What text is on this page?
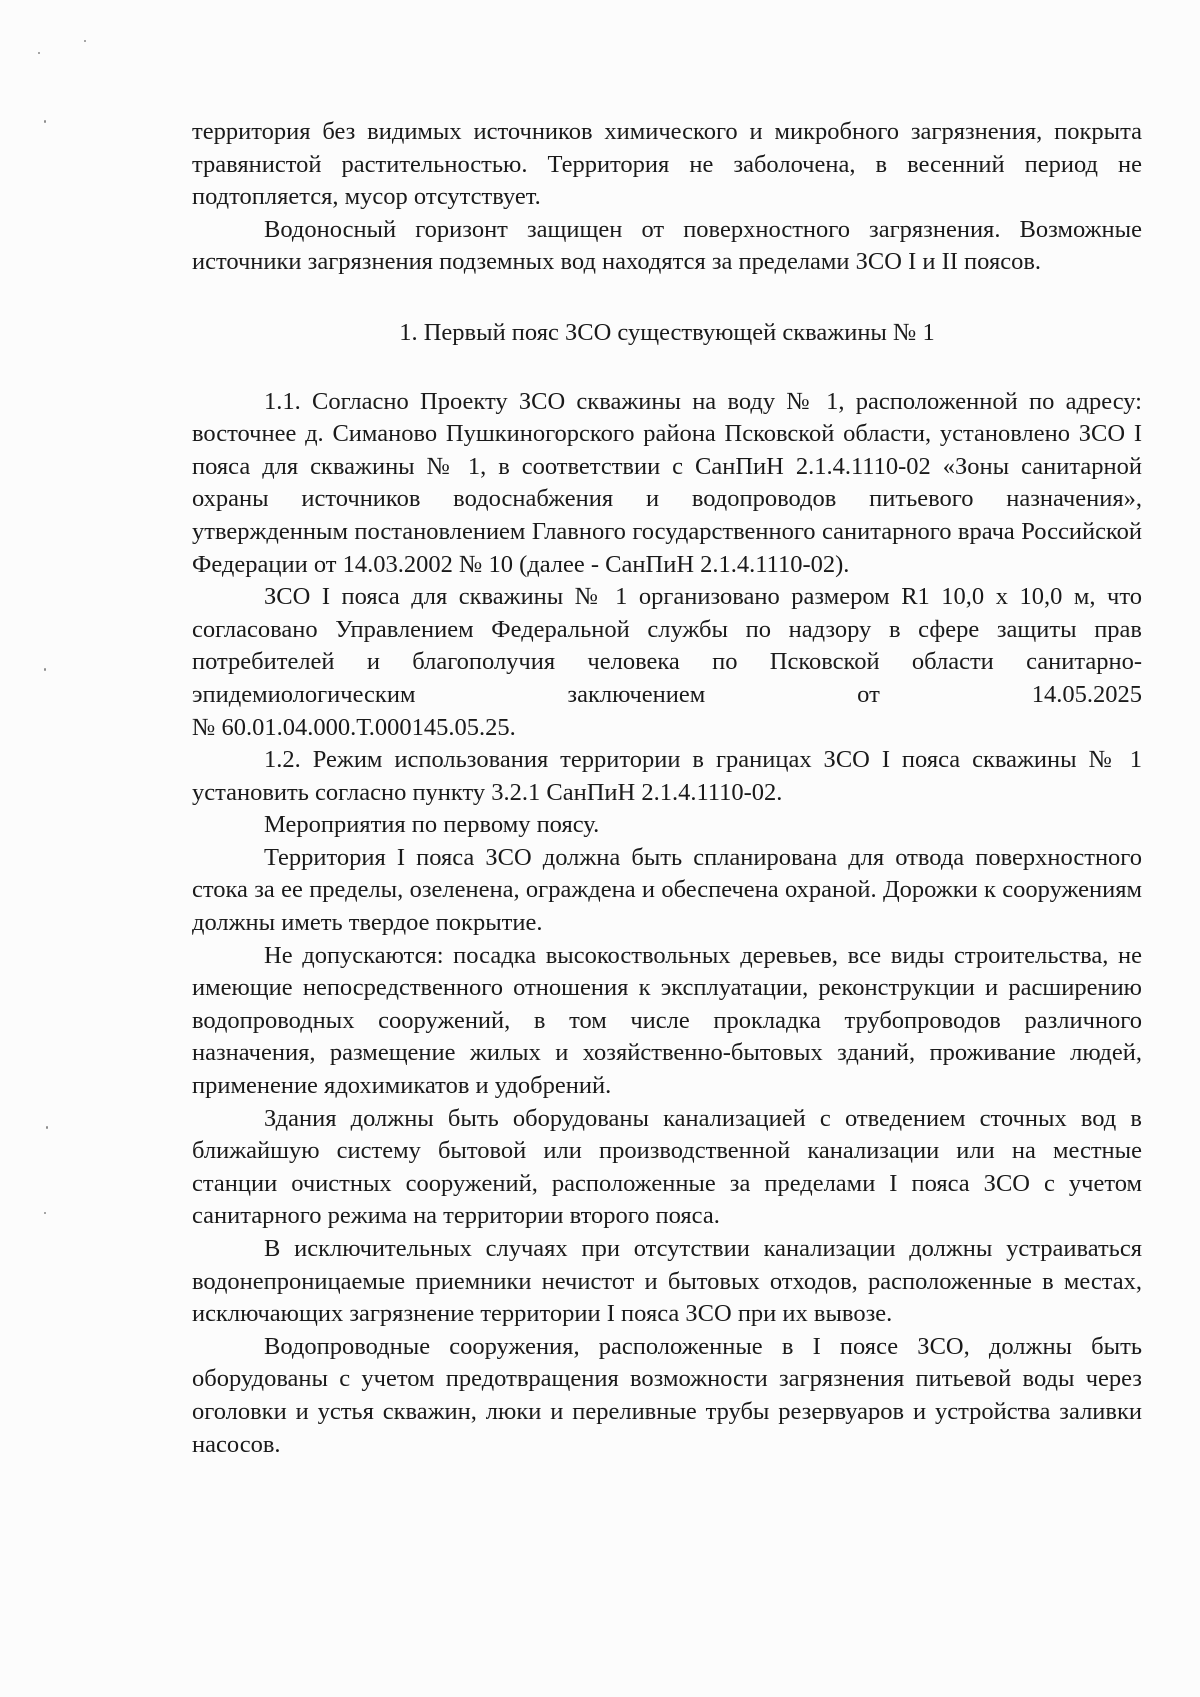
территория без видимых источников химического и микробного загрязнения, покрыта травянистой растительностью. Территория не заболочена, в весенний период не подтопляется, мусор отсутствует.

Водоносный горизонт защищен от поверхностного загрязнения. Возможные источники загрязнения подземных вод находятся за пределами ЗСО I и II поясов.

1. Первый пояс ЗСО существующей скважины № 1

1.1. Согласно Проекту ЗСО скважины на воду № 1, расположенной по адресу: восточнее д. Симаново Пушкиногорского района Псковской области, установлено ЗСО I пояса для скважины № 1, в соответствии с СанПиН 2.1.4.1110-02 «Зоны санитарной охраны источников водоснабжения и водопроводов питьевого назначения», утвержденным постановлением Главного государственного санитарного врача Российской Федерации от 14.03.2002 № 10 (далее - СанПиН 2.1.4.1110-02).

ЗСО I пояса для скважины № 1 организовано размером R1 10,0 х 10,0 м, что согласовано Управлением Федеральной службы по надзору в сфере защиты прав потребителей и благополучия человека по Псковской области санитарно-эпидемиологическим заключением от 14.05.2025

№ 60.01.04.000.Т.000145.05.25.

1.2. Режим использования территории в границах ЗСО I пояса скважины № 1 установить согласно пункту 3.2.1 СанПиН 2.1.4.1110-02.

Мероприятия по первому поясу.

Территория I пояса ЗСО должна быть спланирована для отвода поверхностного стока за ее пределы, озеленена, ограждена и обеспечена охраной. Дорожки к сооружениям должны иметь твердое покрытие.

Не допускаются: посадка высокоствольных деревьев, все виды строительства, не имеющие непосредственного отношения к эксплуатации, реконструкции и расширению водопроводных сооружений, в том числе прокладка трубопроводов различного назначения, размещение жилых и хозяйственно-бытовых зданий, проживание людей, применение ядохимикатов и удобрений.

Здания должны быть оборудованы канализацией с отведением сточных вод в ближайшую систему бытовой или производственной канализации или на местные станции очистных сооружений, расположенные за пределами I пояса ЗСО с учетом санитарного режима на территории второго пояса.

В исключительных случаях при отсутствии канализации должны устраиваться водонепроницаемые приемники нечистот и бытовых отходов, расположенные в местах, исключающих загрязнение территории I пояса ЗСО при их вывозе.

Водопроводные сооружения, расположенные в I поясе ЗСО, должны быть оборудованы с учетом предотвращения возможности загрязнения питьевой воды через оголовки и устья скважин, люки и переливные трубы резервуаров и устройства заливки насосов.
